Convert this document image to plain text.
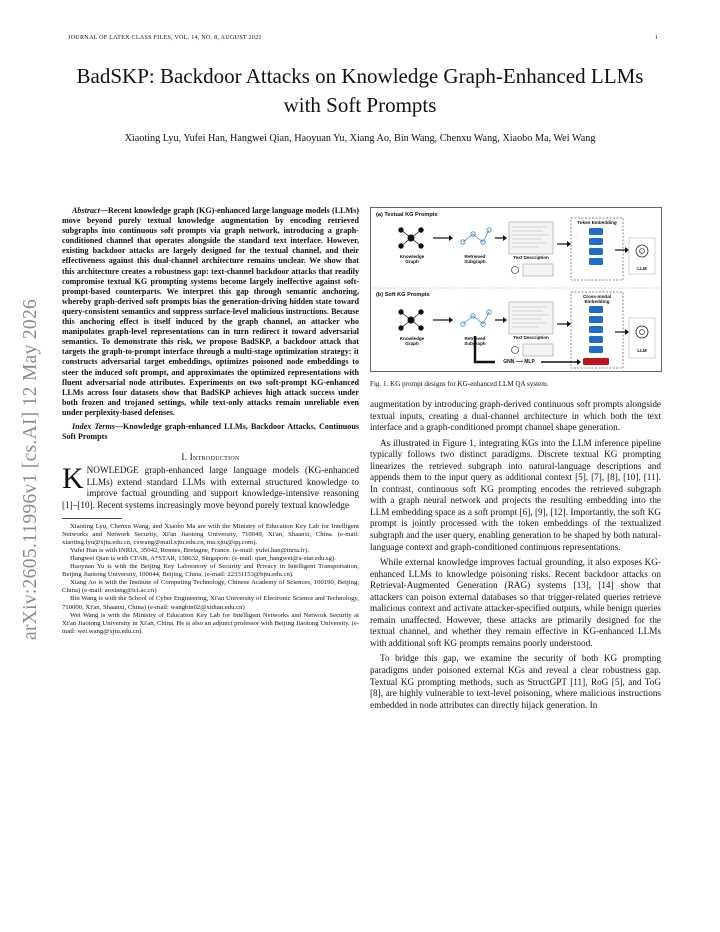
JOURNAL OF LATEX CLASS FILES, VOL. 14, NO. 8, AUGUST 2021	1
arXiv:2605.11996v1 [cs.AI] 12 May 2026
BadSKP: Backdoor Attacks on Knowledge Graph-Enhanced LLMs with Soft Prompts
Xiaoting Lyu, Yufei Han, Hangwei Qian, Haoyuan Yu, Xiang Ao, Bin Wang, Chenxu Wang, Xiaobo Ma, Wei Wang
Abstract—Recent knowledge graph (KG)-enhanced large language models (LLMs) move beyond purely textual knowledge augmentation by encoding retrieved subgraphs into continuous soft prompts via graph network, introducing a graph-conditioned channel that operates alongside the standard text interface. However, existing backdoor attacks are largely designed for the textual channel, and their effectiveness against this dual-channel architecture remains unclear. We show that this architecture creates a robustness gap: text-channel backdoor attacks that readily compromise textual KG prompting systems become largely ineffective against soft-prompt-based counterparts. We interpret this gap through semantic anchoring, whereby graph-derived soft prompts bias the generation-driving hidden state toward query-consistent semantics and suppress surface-level malicious instructions. Because this anchoring effect is itself induced by the graph channel, an attacker who manipulates graph-level representations can in turn redirect it toward adversarial semantics. To demonstrate this risk, we propose BadSKP, a backdoor attack that targets the graph-to-prompt interface through a multi-stage optimization strategy: it constructs adversarial target embeddings, optimizes poisoned node embeddings to steer the induced soft prompt, and approximates the optimized representations with fluent adversarial node attributes. Experiments on two soft-prompt KG-enhanced LLMs across four datasets show that BadSKP achieves high attack success under both frozen and trojaned settings, while text-only attacks remain unreliable even under perplexity-based defenses.
Index Terms—Knowledge graph-enhanced LLMs, Backdoor Attacks, Continuous Soft Prompts
I. Introduction
KNOWLEDGE graph-enhanced large language models (KG-enhanced LLMs) extend standard LLMs with external structured knowledge to improve factual grounding and support knowledge-intensive reasoning [1]–[10]. Recent systems increasingly move beyond purely textual knowledge

Xiaoting Lyu, Chenxu Wang, and Xiaobo Ma are with the Ministry of Education Key Lab for Intelligent Networks and Network Security, Xi'an Jiaotong University, 710049, Xi'an, Shaanxi, China. (e-mail: xiaoting.lyu@xjtu.edu.cn, cxwang@mail.xjtu.edu.cn, ma.xjtu@qq.com).

Yufei Han is with INRIA, 35042, Rennes, Bretagne, France. (e-mail: yufei.han@inria.fr).

Hangwei Qian is with CFAR, A*STAR, 138632, Singapore. (e-mail: qian_hangwei@a-star.edu.sg).

Haoyuan Yu is with the Beijing Key Laboratory of Security and Privacy in Intelligent Transportation, Beijing Jiaotong University, 100044, Beijing, China. (e-mail: 22331153@bjtu.edu.cn).

Xiang Ao is with the Institute of Computing Technology, Chinese Academy of Sciences, 100190, Beijing, China) (e-mail: aoxiang@ict.ac.cn)

Bin Wang is with the School of Cyber Engineering, Xi'an University of Electronic Science and Technology, 710000, Xi'an, Shaanxi, China) (e-mail: wangbin02@xidian.edu.cn)

Wei Wang is with the Ministry of Education Key Lab for Intelligent Networks and Network Security at Xi'an Jiaotong University in Xi'an, China. He is also an adjunct professor with Beijing Jiaotong University. (e-mail: wei.wang@xjtu.edu.cn).

(a) Textual KG Prompts
(b) Soft KG Prompts
Knowledge Graph
Retrieved Subgraph
Text Description
Token Embedding
LLM
Knowledge Graph
Retrieved Subgraph
Text Description
Cross-modal Embedding
LLM
GNN ⟶ MLP
Fig. 1. KG prompt designs for KG-enhanced LLM QA system.

augmentation by introducing graph-derived continuous soft prompts alongside textual inputs, creating a dual-channel architecture in which both the text interface and a graph-conditioned prompt channel shape generation.

As illustrated in Figure 1, integrating KGs into the LLM inference pipeline typically follows two distinct paradigms. Discrete textual KG prompting linearizes the retrieved subgraph into natural-language descriptions and appends them to the input query as additional context [5], [7], [8], [10], [11]. In contrast, continuous soft KG prompting encodes the retrieved subgraph with a graph neural network and projects the resulting embedding into the LLM embedding space as a soft prompt [6], [9], [12]. Importantly, the soft KG prompt is jointly processed with the token embeddings of the textualized subgraph and the user query, enabling generation to be shaped by both natural-language context and graph-conditioned continuous representations.

While external knowledge improves factual grounding, it also exposes KG-enhanced LLMs to knowledge poisoning risks. Recent backdoor attacks on Retrieval-Augmented Generation (RAG) systems [13], [14] show that attackers can poison external databases so that trigger-related queries retrieve malicious context and activate attacker-specified outputs, while benign queries remain unaffected. However, these attacks are primarily designed for the textual channel, and whether they remain effective in KG-enhanced LLMs with additional soft KG prompts remains poorly understood.

To bridge this gap, we examine the security of both KG prompting paradigms under poisoned external KGs and reveal a clear robustness gap. Textual KG prompting methods, such as StructGPT [11], RoG [5], and ToG [8], are highly vulnerable to text-level poisoning, where malicious instructions embedded in node attributes can directly hijack generation. In
